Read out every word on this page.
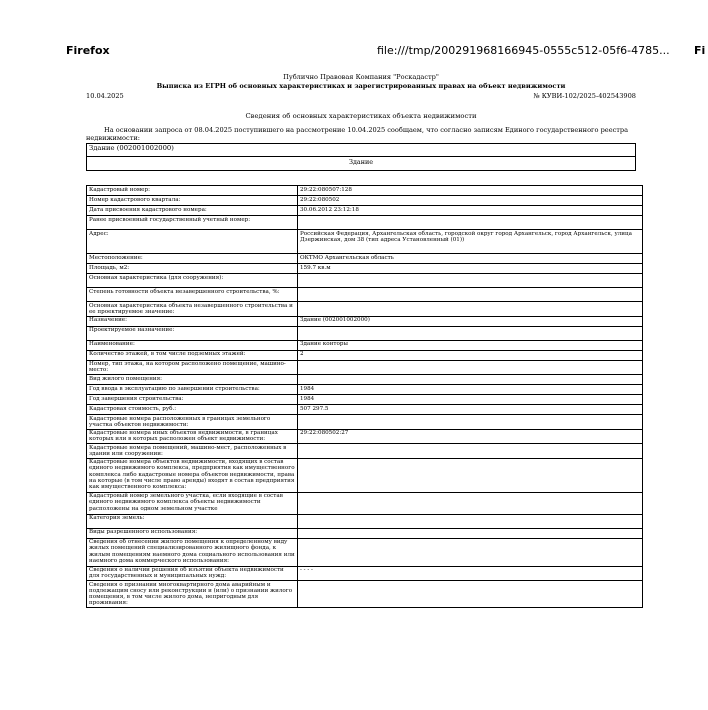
Firefox	file:///tmp/200291968166945-0555c512-05f6-4785... Fi
Публично Правовая Компания "Роскадастр"
Выписка из ЕГРН об основных характеристиках и зарегистрированных правах на объект недвижимости
10.04.2025	№ КУВИ-102/2025-402543908
Сведения об основных характеристиках объекта недвижимости
На основании запроса от 08.04.2025 поступившего на рассмотрение 10.04.2025 сообщаем, что согласно записям Единого государственного реестра недвижимости:
Здание (002001002000)
Здание
Кадастровый номер:	29:22:080507:128
Номер кадастрового квартала:	29:22:080502
Дата присвоения кадастрового номера:	30.06.2012 23:12:18
Ранее присвоенный государственный учетный номер:	
Адрес:	Российская Федерация, Архангельская область, городской округ город Архангельск, город Архангельск, улица Дзержинская, дом 38 (тип адреса Установленный (01))
Местоположение:	ОКТМО Архангельская область
Площадь, м2:	159.7 кв.м
Основная характеристика (для сооружения):	
Степень готовности объекта незавершенного строительства, %:	
Основная характеристика объекта незавершенного строительства и ее проектируемое значение:	
Назначение:	Здание (002001002000)
Проектируемое назначение:	
Наименование:	Здание конторы
Количество этажей, в том числе подземных этажей:	2
Номер, тип этажа, на котором расположено помещение, машино-место:	
Вид жилого помещения:	
Год ввода в эксплуатацию по завершении строительства:	1984
Год завершения строительства:	1984
Кадастровая стоимость, руб.:	507 297.5
Кадастровые номера расположенных в границах земельного участка объектов недвижимости:	
Кадастровые номера иных объектов недвижимости, в границах которых или в которых расположен объект недвижимости:	29:22:080502:27
Кадастровые номера помещений, машино-мест, расположенных в здании или сооружении:	
Кадастровые номера объектов недвижимости, входящих в состав единого недвижимого комплекса, предприятия как имущественного комплекса либо кадастровые номера объектов недвижимости, права на которые (в том числе право аренды) входят в состав предприятия как имущественного комплекса:	
Кадастровый номер земельного участка, если входящие в состав единого недвижимого комплекса объекты недвижимости расположены на одном земельном участке	
Категория земель:	
Виды разрешенного использования:	
Сведения об отнесении жилого помещения к определенному виду жилых помещений специализированного жилищного фонда, к жилым помещениям наемного дома социального использования или наемного дома коммерческого использования:	
Сведения о наличии решения об изъятии объекта недвижимости для государственных и муниципальных нужд:	- - - -
Сведения о признании многоквартирного дома аварийным и подлежащим сносу или реконструкции и (или) о признании жилого помещения, в том числе жилого дома, непригодным для проживания:	
